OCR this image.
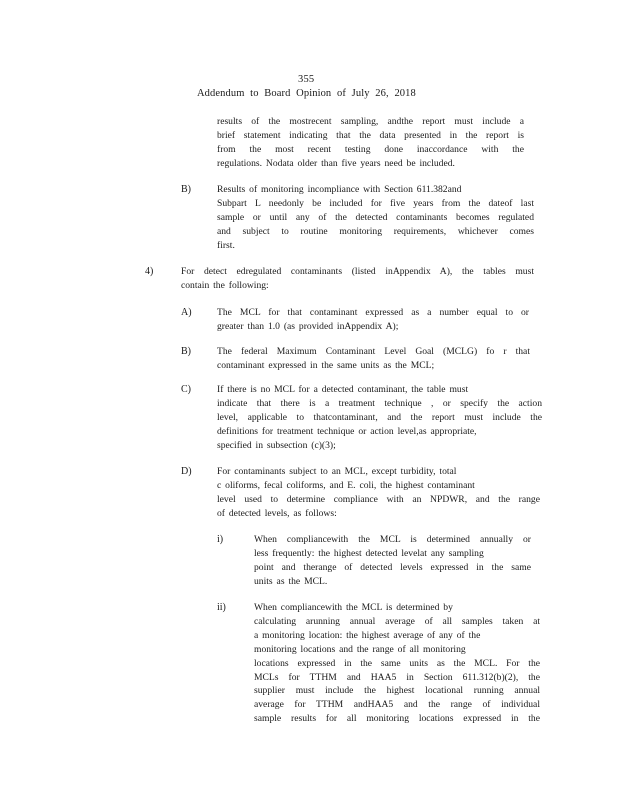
355
Addendum to Board Opinion of July 26, 2018
results of the mostrecent sampling, andthe report must include a
brief statement indicating that the data presented in the report is
from the most recent testing done inaccordance with the
regulations. Nodata older than five years need be included.
B)	Results of monitoring incompliance with Section 611.382and
Subpart L needonly be included for five years from the dateof last
sample or until any of the detected contaminants becomes regulated
and subject to routine monitoring requirements, whichever comes
first.
4)	For detect edregulated contaminants (listed inAppendix A), the tables must
contain the following:
A)	The MCL for that contaminant expressed as a number equal to or
greater than 1.0 (as provided inAppendix A);
B)	The federal Maximum Contaminant Level Goal (MCLG) fo r that
contaminant expressed in the same units as the MCL;
C)	If there is no MCL for a detected contaminant, the table must
indicate that there is a treatment technique , or specify the action
level, applicable to thatcontaminant, and the report must include the
definitions for treatment technique or action level,as appropriate,
specified in subsection (c)(3);
D)	For contaminants subject to an MCL, except turbidity, total
c oliforms, fecal coliforms, and E. coli, the highest contaminant
level used to determine compliance with an NPDWR, and the range
of detected levels, as follows:
i)	When compliancewith the MCL is determined annually or
less frequently: the highest detected levelat any sampling
point and therange of detected levels expressed in the same
units as the MCL.
ii)	When compliancewith the MCL is determined by
calculating arunning annual average of all samples taken at
a monitoring location: the highest average of any of the
monitoring locations and the range of all monitoring
locations expressed in the same units as the MCL. For the
MCLs for TTHM and HAA5 in Section 611.312(b)(2), the
supplier must include the highest locational running annual
average for TTHM andHAA5 and the range of individual
sample results for all monitoring locations expressed in the
